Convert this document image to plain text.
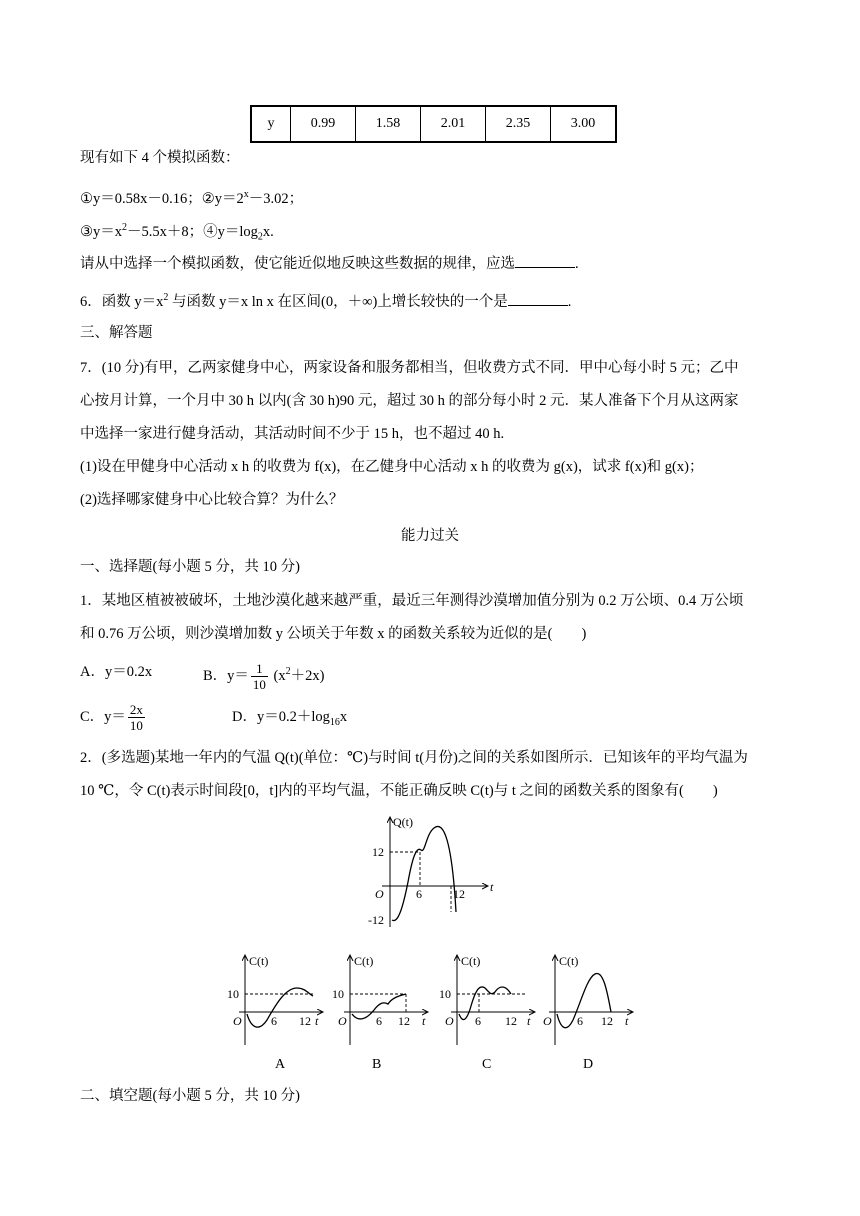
y	0.99	1.58	2.01	2.35	3.00
现有如下 4 个模拟函数：
①y＝0.58x－0.16；$②y=2^x-3.02$；
$③y=x^2-5.5x+8$；$④y=\log_2x$.
请从中选择一个模拟函数，使它能近似地反映这些数据的规律，应选	.
6．函数 $y=x^2$ 与函数 y＝x ln x 在区间(0，＋∞)上增长较快的一个是	.
三、解答题
7．(10 分)有甲，乙两家健身中心，两家设备和服务都相当，但收费方式不同．甲中心每小时 5 元；乙中
心按月计算，一个月中 30 h 以内(含 30 h)90 元，超过 30 h 的部分每小时 2 元．某人准备下个月从这两家
中选择一家进行健身活动，其活动时间不少于 15 h，也不超过 40 h.
(1)设在甲健身中心活动 x h 的收费为 f(x)，在乙健身中心活动 x h 的收费为 g(x)，试求 f(x)和 g(x)；
(2)选择哪家健身中心比较合算？为什么？
能力过关
一、选择题(每小题 5 分，共 10 分)
1．某地区植被被破坏，土地沙漠化越来越严重，最近三年测得沙漠增加值分别为 0.2 万公顷、0.4 万公顷
和 0.76 万公顷，则沙漠增加数 y 公顷关于年数 x 的函数关系较为近似的是(　　)
A．y＝0.2x	B．$y= \frac{1}{10} (x^2+2x)$
C．$y= \frac{2x}{10}$	D．$y=0.2+\log_{16}x$
2．(多选题)某地一年内的气温 Q(t)(单位：℃)与时间 t(月份)之间的关系如图所示．已知该年的平均气温为
10 ℃，令 C(t)表示时间段[0，t]内的平均气温，不能正确反映 C(t)与 t 之间的函数关系的图象有(　　)
Q(t)
t
O
12
-12
6	12
C(t)
10
O 6 12 t
A
C(t)
10
O 6 12 t
B
C(t)
10
O 6 12 t
C
C(t)
O 6 12 t
D
二、填空题(每小题 5 分，共 10 分)
